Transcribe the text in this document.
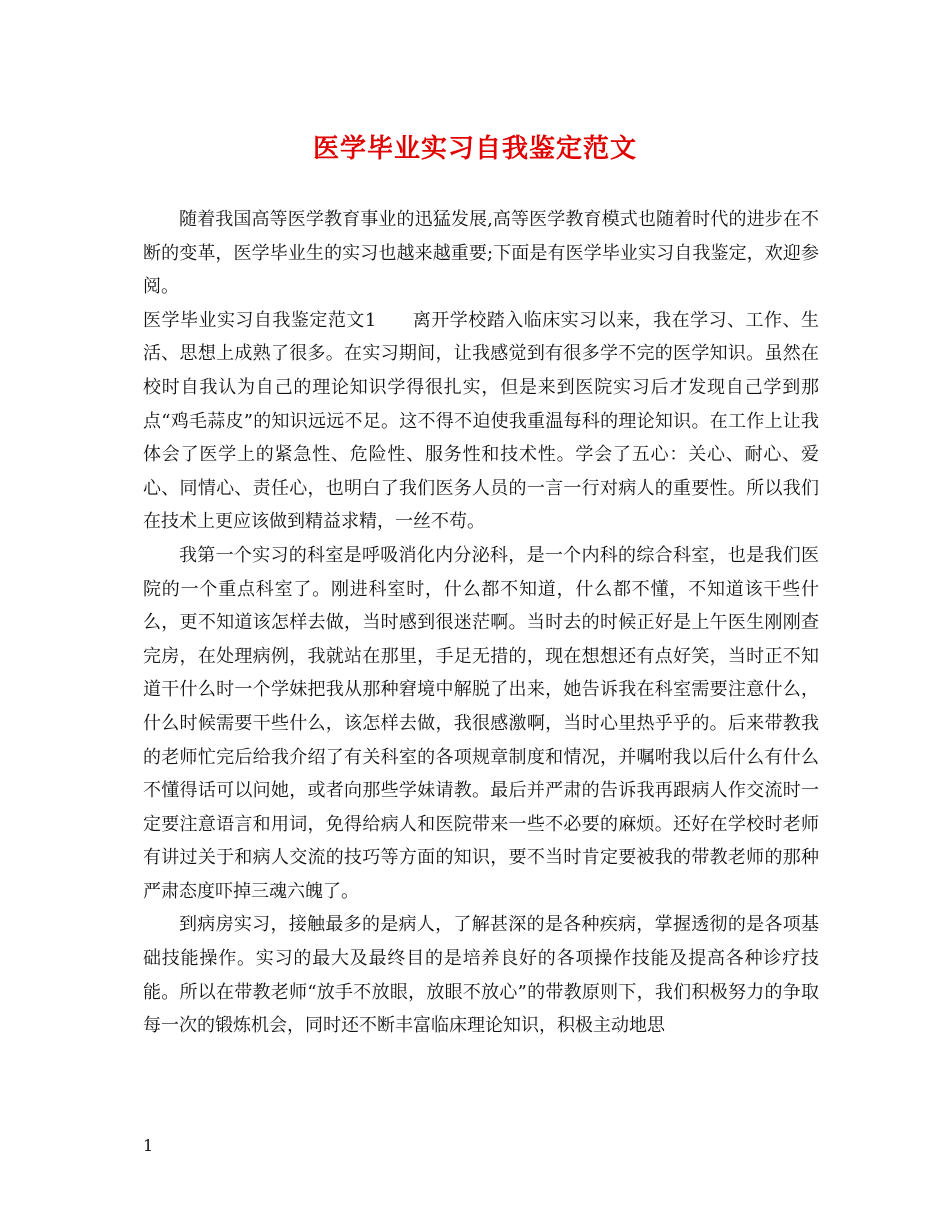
医学毕业实习自我鉴定范文

随着我国高等医学教育事业的迅猛发展,高等医学教育模式也随着时代的进步在不断的变革，医学毕业生的实习也越来越重要;下面是有医学毕业实习自我鉴定，欢迎参阅。

医学毕业实习自我鉴定范文1 离开学校踏入临床实习以来，我在学习、工作、生活、思想上成熟了很多。在实习期间，让我感觉到有很多学不完的医学知识。虽然在校时自我认为自己的理论知识学得很扎实，但是来到医院实习后才发现自己学到那点“鸡毛蒜皮”的知识远远不足。这不得不迫使我重温每科的理论知识。在工作上让我体会了医学上的紧急性、危险性、服务性和技术性。学会了五心：关心、耐心、爱心、同情心、责任心，也明白了我们医务人员的一言一行对病人的重要性。所以我们在技术上更应该做到精益求精，一丝不苟。

我第一个实习的科室是呼吸消化内分泌科，是一个内科的综合科室，也是我们医院的一个重点科室了。刚进科室时，什么都不知道，什么都不懂，不知道该干些什么，更不知道该怎样去做，当时感到很迷茫啊。当时去的时候正好是上午医生刚刚查完房，在处理病例，我就站在那里，手足无措的，现在想想还有点好笑，当时正不知道干什么时一个学妹把我从那种窘境中解脱了出来，她告诉我在科室需要注意什么，什么时候需要干些什么，该怎样去做，我很感激啊，当时心里热乎乎的。后来带教我的老师忙完后给我介绍了有关科室的各项规章制度和情况，并嘱咐我以后什么有什么不懂得话可以问她，或者向那些学妹请教。最后并严肃的告诉我再跟病人作交流时一定要注意语言和用词，免得给病人和医院带来一些不必要的麻烦。还好在学校时老师有讲过关于和病人交流的技巧等方面的知识，要不当时肯定要被我的带教老师的那种严肃态度吓掉三魂六魄了。

到病房实习，接触最多的是病人，了解甚深的是各种疾病，掌握透彻的是各项基础技能操作。实习的最大及最终目的是培养良好的各项操作技能及提高各种诊疗技能。所以在带教老师“放手不放眼，放眼不放心”的带教原则下，我们积极努力的争取每一次的锻炼机会，同时还不断丰富临床理论知识，积极主动地思

1
